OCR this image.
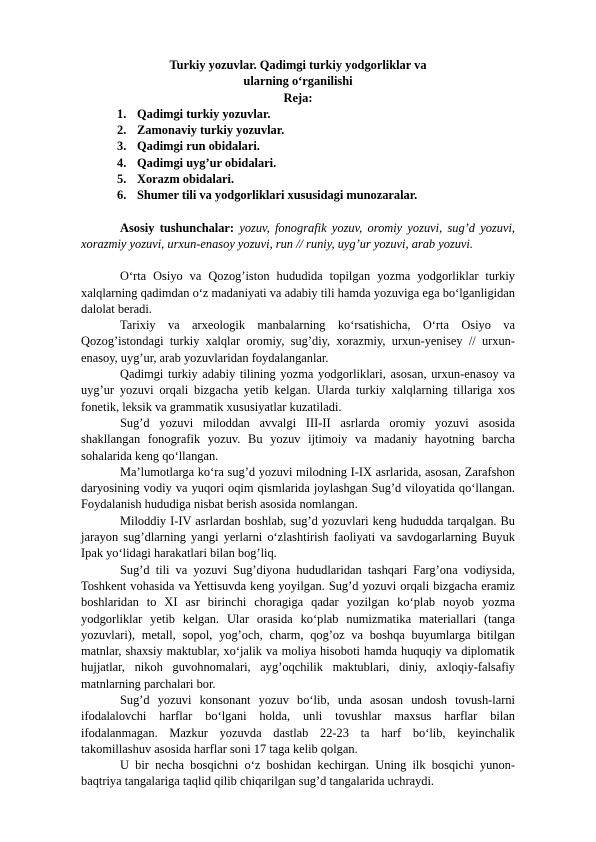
Turkiy yozuvlar. Qadimgi turkiy yodgorliklar va
ularning o‘rganilishi
Reja:
1. Qadimgi turkiy yozuvlar.
2. Zamonaviy turkiy yozuvlar.
3. Qadimgi run obidalari.
4. Qadimgi uyg’ur obidalari.
5. Xorazm obidalari.
6. Shumer tili va yodgorliklari xususidagi munozaralar.

Asosiy tushunchalar: yozuv, fonografik yozuv, oromiy yozuvi, sug’d yozuvi, xorazmiy yozuvi, urxun-enasoy yozuvi, run // runiy, uyg’ur yozuvi, arab yozuvi.

O‘rta Osiyo va Qozog’iston hududida topilgan yozma yodgorliklar turkiy xalqlarning qadimdan o‘z madaniyati va adabiy tili hamda yozuviga ega bo‘lganligidan dalolat beradi.

Tarixiy va arxeologik manbalarning ko‘rsatishicha, O‘rta Osiyo va Qozog’istondagi turkiy xalqlar oromiy, sug’diy, xorazmiy, urxun-yenisey // urxun-enasoy, uyg’ur, arab yozuvlaridan foydalanganlar.

Qadimgi turkiy adabiy tilining yozma yodgorliklari, asosan, urxun-enasoy va uyg’ur yozuvi orqali bizgacha yetib kelgan. Ularda turkiy xalqlarning tillariga xos fonetik, leksik va grammatik xususiyatlar kuzatiladi.

Sug’d yozuvi miloddan avvalgi III-II asrlarda oromiy yozuvi asosida shakllangan fonografik yozuv. Bu yozuv ijtimoiy va madaniy hayotning barcha sohalarida keng qo‘llangan.

Ma’lumotlarga ko‘ra sug’d yozuvi milodning I-IX asrlarida, asosan, Zarafshon daryosining vodiy va yuqori oqim qismlarida joylashgan Sug’d viloyatida qo‘llangan. Foydalanish hududiga nisbat berish asosida nomlangan.

Miloddiy I-IV asrlardan boshlab, sug’d yozuvlari keng hududda tarqalgan. Bu jarayon sug’dlarning yangi yerlarni o‘zlashtirish faoliyati va savdogarlarning Buyuk Ipak yo‘lidagi harakatlari bilan bog’liq.

Sug’d tili va yozuvi Sug’diyona hududlaridan tashqari Farg’ona vodiysida, Toshkent vohasida va Yettisuvda keng yoyilgan. Sug’d yozuvi orqali bizgacha eramiz boshlaridan to XI asr birinchi choragiga qadar yozilgan ko‘plab noyob yozma yodgorliklar yetib kelgan. Ular orasida ko‘plab numizmatika materiallari (tanga yozuvlari), metall, sopol, yog’och, charm, qog’oz va boshqa buyumlarga bitilgan matnlar, shaxsiy maktublar, xo‘jalik va moliya hisoboti hamda huquqiy va diplomatik hujjatlar, nikoh guvohnomalari, ayg’oqchilik maktublari, diniy, axloqiy-falsafiy matnlarning parchalari bor.

Sug’d yozuvi konsonant yozuv bo‘lib, unda asosan undosh tovush-larni ifodalalovchi harflar bo‘lgani holda, unli tovushlar maxsus harflar bilan ifodalanmagan. Mazkur yozuvda dastlab 22-23 ta harf bo‘lib, keyinchalik takomillashuv asosida harflar soni 17 taga kelib qolgan.

U bir necha bosqichni o‘z boshidan kechirgan. Uning ilk bosqichi yunon-baqtriya tangalariga taqlid qilib chiqarilgan sug’d tangalarida uchraydi.
